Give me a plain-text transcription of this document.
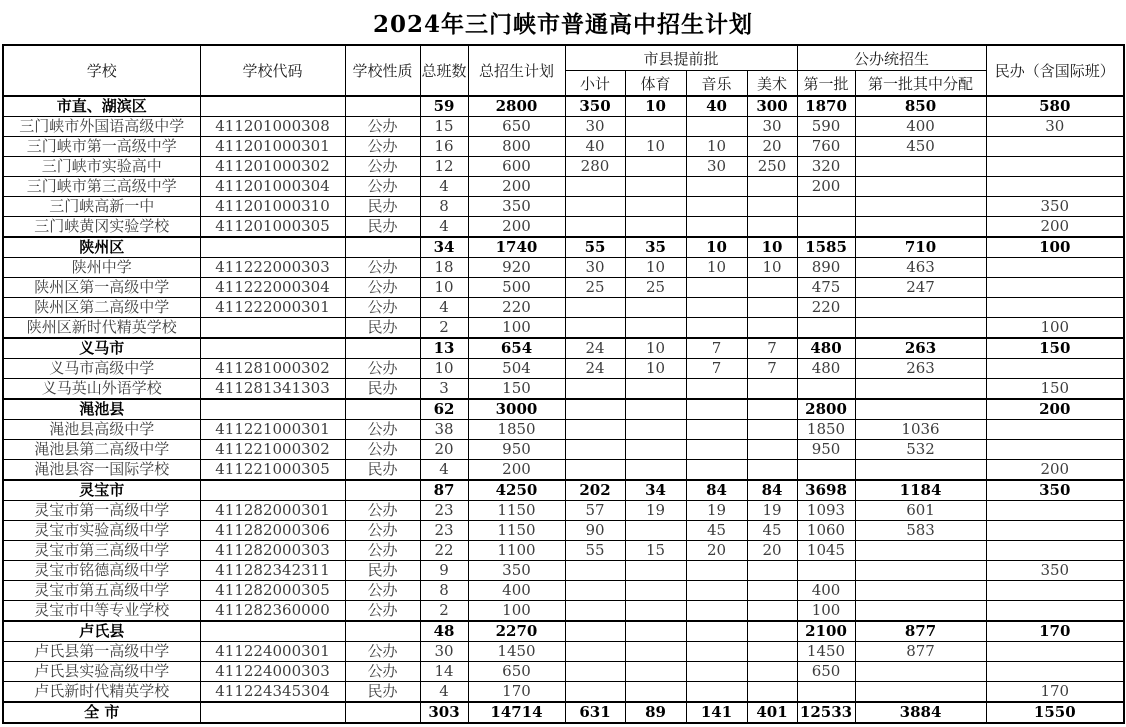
2024年三门峡市普通高中招生计划
学校	学校代码	学校性质	总班数	总招生计划	市县提前批				公办统招生		民办（含国际班）
					小计	体育	音乐	美术	第一批	第一批其中分配	
市直、湖滨区			59	2800	350	10	40	300	1870	850	580
三门峡市外国语高级中学	411201000308	公办	15	650	30			30	590	400	30
三门峡市第一高级中学	411201000301	公办	16	800	40	10	10	20	760	450	
三门峡市实验高中	411201000302	公办	12	600	280		30	250	320		
三门峡市第三高级中学	411201000304	公办	4	200					200		
三门峡高新一中	411201000310	民办	8	350							350
三门峡黄冈实验学校	411201000305	民办	4	200							200
陕州区			34	1740	55	35	10	10	1585	710	100
陕州中学	411222000303	公办	18	920	30	10	10	10	890	463	
陕州区第一高级中学	411222000304	公办	10	500	25	25			475	247	
陕州区第二高级中学	411222000301	公办	4	220					220		
陕州区新时代精英学校		民办	2	100							100
义马市			13	654	24	10	7	7	480	263	150
义马市高级中学	411281000302	公办	10	504	24	10	7	7	480	263	
义马英山外语学校	411281341303	民办	3	150							150
渑池县			62	3000					2800		200
渑池县高级中学	411221000301	公办	38	1850					1850	1036	
渑池县第二高级中学	411221000302	公办	20	950					950	532	
渑池县容一国际学校	411221000305	民办	4	200							200
灵宝市			87	4250	202	34	84	84	3698	1184	350
灵宝市第一高级中学	411282000301	公办	23	1150	57	19	19	19	1093	601	
灵宝市实验高级中学	411282000306	公办	23	1150	90		45	45	1060	583	
灵宝市第三高级中学	411282000303	公办	22	1100	55	15	20	20	1045		
灵宝市铭德高级中学	411282342311	民办	9	350							350
灵宝市第五高级中学	411282000305	公办	8	400					400		
灵宝市中等专业学校	411282360000	公办	2	100					100		
卢氏县			48	2270					2100	877	170
卢氏县第一高级中学	411224000301	公办	30	1450					1450	877	
卢氏县实验高级中学	411224000303	公办	14	650					650		
卢氏新时代精英学校	411224345304	民办	4	170							170
全 市			303	14714	631	89	141	401	12533	3884	1550
